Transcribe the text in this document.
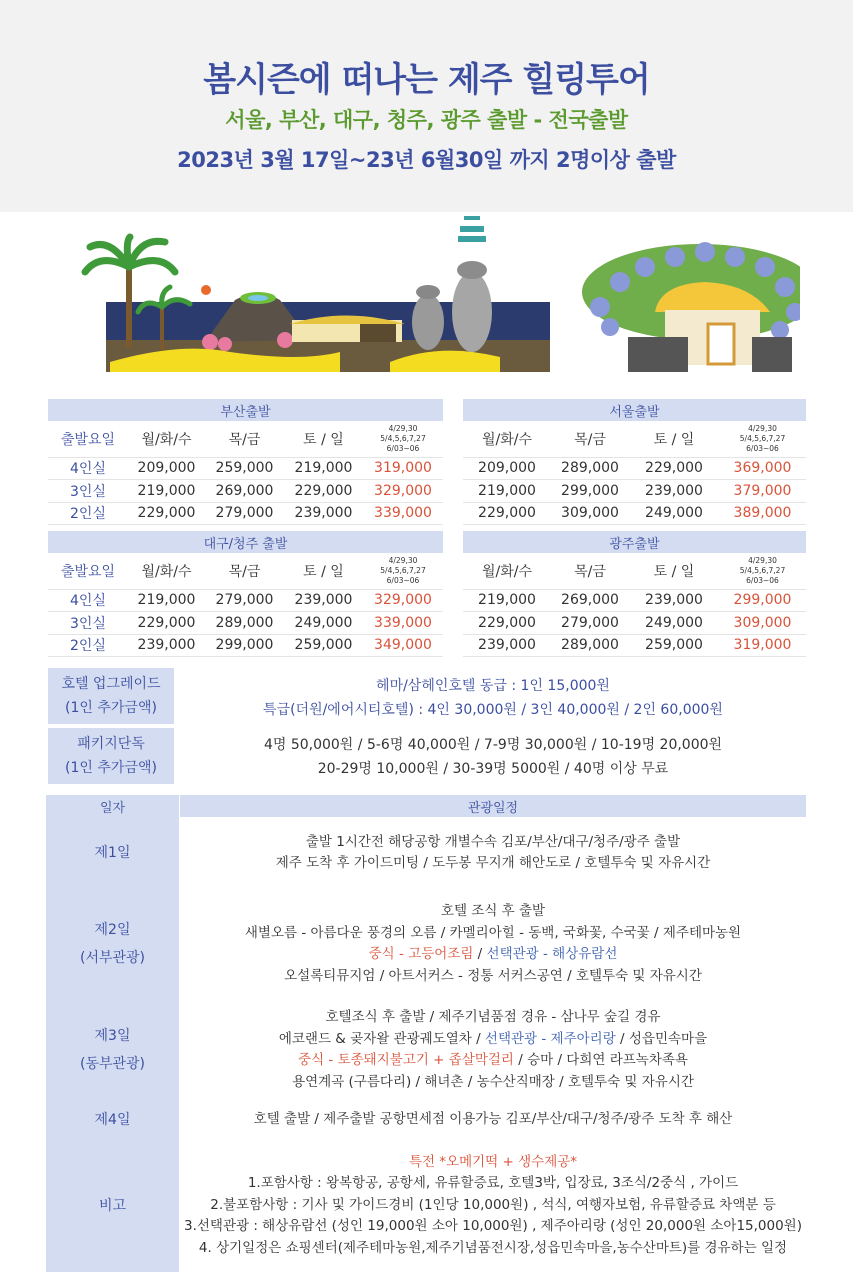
봄시즌에 떠나는 제주 힐링투어
서울, 부산, 대구, 청주, 광주 출발 - 전국출발
2023년 3월 17일~23년 6월30일 까지 2명이상 출발
부산출발				
출발요일	월/화/수	목/금	토 / 일	4/29,30
5/4,5,6,7,27
6/03~06

4인실	209,000	259,000	219,000	319,000
3인실	219,000	269,000	229,000	329,000
2인실	229,000	279,000	239,000	339,000
서울출발			
월/화/수	목/금	토 / 일	4/29,30
5/4,5,6,7,27
6/03~06

209,000	289,000	229,000	369,000
219,000	299,000	239,000	379,000
229,000	309,000	249,000	389,000
대구/청주 출발				
출발요일	월/화/수	목/금	토 / 일	4/29,30
5/4,5,6,7,27
6/03~06

4인실	219,000	279,000	239,000	329,000
3인실	229,000	289,000	249,000	339,000
2인실	239,000	299,000	259,000	349,000
광주출발			
월/화/수	목/금	토 / 일	4/29,30
5/4,5,6,7,27
6/03~06

219,000	269,000	239,000	299,000
229,000	279,000	249,000	309,000
239,000	289,000	259,000	319,000
호텔 업그레이드
(1인 추가금액)
헤마/삼헤인호텔 동급 : 1인 15,000원
특급(더원/에어시티호텔) : 4인 30,000원 / 3인 40,000원 / 2인 60,000원
패키지단독
(1인 추가금액)
4명 50,000원 / 5-6명 40,000원 / 7-9명 30,000원 / 10-19명 20,000원
20-29명 10,000원 / 30-39명 5000원 / 40명 이상 무료
일자	관광일정
제1일
출발 1시간전 해당공항 개별수속 김포/부산/대구/청주/광주 출발
제주 도착 후 가이드미팅 / 도두봉 무지개 해안도로 / 호텔투숙 및 자유시간
제2일
(서부관광)
호텔 조식 후 출발
새별오름 - 아름다운 풍경의 오름 / 카멜리아힐 - 동백, 국화꽃, 수국꽃 / 제주테마농원
중식 - 고등어조림 / 선택관광 - 해상유람선
오설록티뮤지엄 / 아트서커스 - 정통 서커스공연 / 호텔투숙 및 자유시간
제3일
(동부관광)
호텔조식 후 출발 / 제주기념품점 경유 - 삼나무 숲길 경유
에코랜드 & 곶자왈 관광궤도열차 / 선택관광 - 제주아리랑 / 성읍민속마을
중식 - 토종돼지불고기 + 좁살막걸리 / 승마 / 다희연 라프녹차족욕
용연계곡 (구름다리) / 해녀촌 / 농수산직매장 / 호텔투숙 및 자유시간
제4일	호텔 출발 / 제주출발 공항면세점 이용가능 김포/부산/대구/청주/광주 도착 후 해산
비고
특전 *오메기떡 + 생수제공*
1.포함사항 : 왕복항공, 공항세, 유류할증료, 호텔3박, 입장료, 3조식/2중식 , 가이드
2.불포함사항 : 기사 및 가이드경비 (1인당 10,000원) , 석식, 여행자보험, 유류할증료 차액분 등
3.선택관광 : 해상유람선 (성인 19,000원 소아 10,000원) , 제주아리랑 (성인 20,000원 소아15,000원)
4. 상기일정은 쇼핑센터(제주테마농원,제주기념품전시장,성읍민속마을,농수산마트)를 경유하는 일정
